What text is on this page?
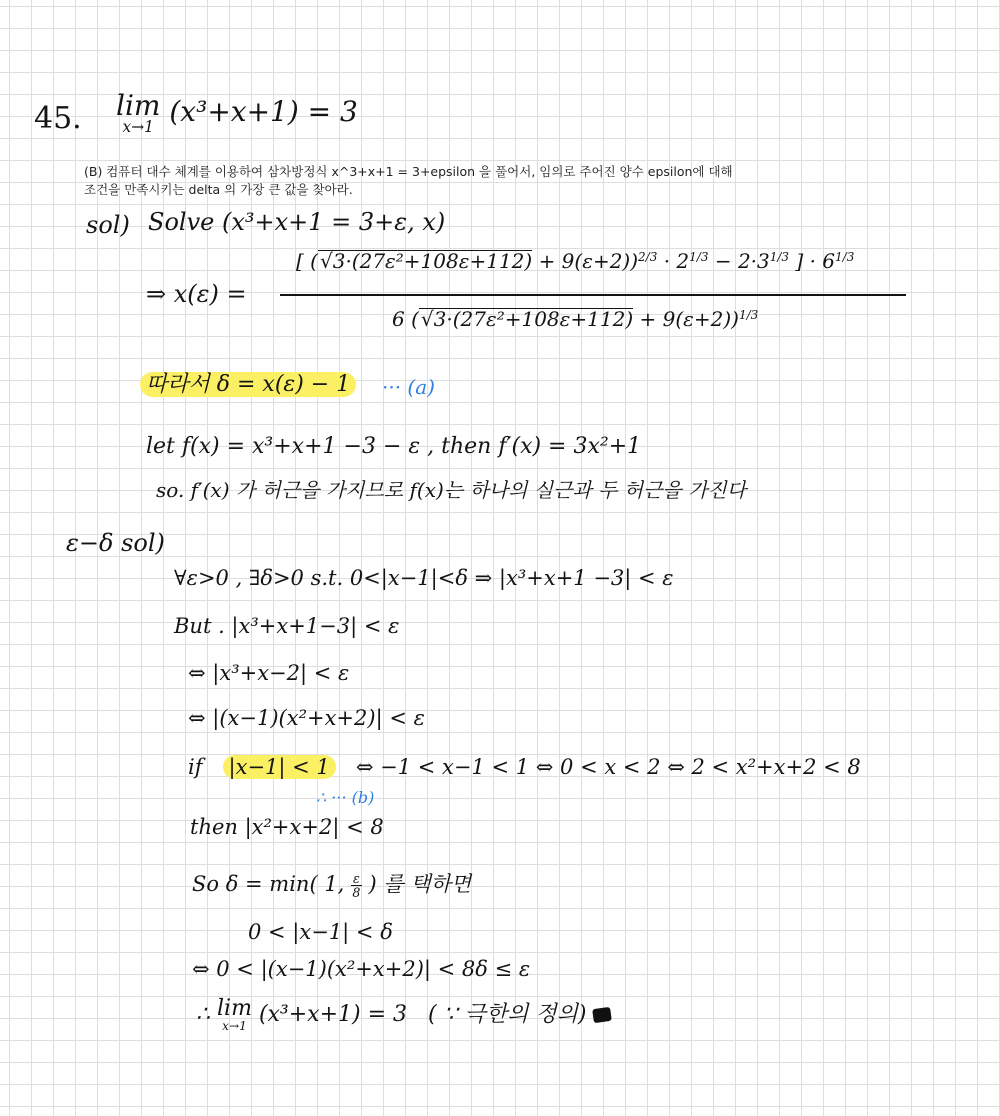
45. lim
x→1 (x³+x+1) = 3
(B) 컴퓨터 대수 체계를 이용하여 삼차방정식 x^3+x+1 = 3+epsilon 을 풀어서, 임의로 주어진 양수 epsilon에 대해
조건을 만족시키는 delta 의 가장 큰 값을 찾아라.
sol) Solve (x³+x+1 = 3+ε, x)
⇒ x(ε) =
[ ( $√3\cdot(27\varepsilon^2+108\varepsilon+112) + 9(\varepsilon+2))^{2/3} \cdot 2^{1/3} - 2\cdot 3^{1/3}$ ] · $6^{1/3}$
6 ( √3·(27ε²+108ε+112) + 9(ε+2))$^{1/3}$
따라서 δ = x(ε) − 1	··· (a)
let f(x) = x³+x+1 −3 − ε , then f′(x) = 3x²+1
so. f′(x) 가 허근을 가지므로 f(x)는 하나의 실근과 두 허근을 가진다
ε−δ sol)
∀ε>0 , ∃δ>0 s.t. 0<|x−1|<δ ⇒ |x³+x+1 −3| < ε
But . |x³+x+1−3| < ε
⇔ |x³+x−2| < ε
⇔ |(x−1)(x²+x+2)| < ε
if |x−1| < 1 ⇔ −1 < x−1 < 1 ⇔ 0 < x < 2 ⇔ 2 < x²+x+2 < 8
∴ ··· (b)
then |x²+x+2| < 8
So δ = min( 1, $\frac{\varepsilon}{8}$ ) 를 택하면
0 < |x−1| < δ
⇔ 0 < |(x−1)(x²+x+2)| < 8δ ≤ ε
∴ lim
x→1 (x³+x+1) = 3 ( ∵ 극한의 정의)
